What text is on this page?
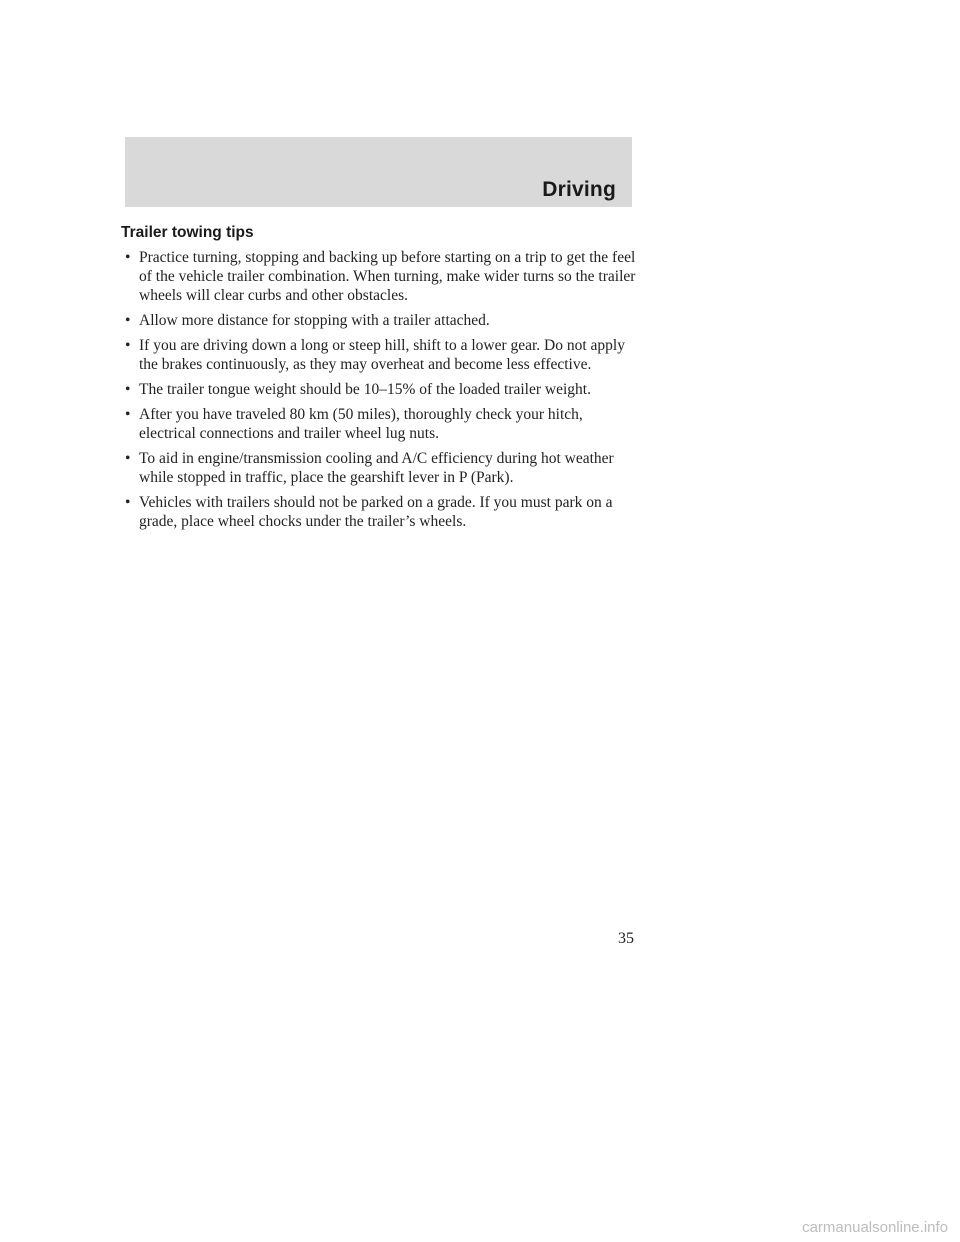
Driving
Trailer towing tips
• Practice turning, stopping and backing up before starting on a trip to get the feel of the vehicle trailer combination. When turning, make wider turns so the trailer wheels will clear curbs and other obstacles.
• Allow more distance for stopping with a trailer attached.
• If you are driving down a long or steep hill, shift to a lower gear. Do not apply the brakes continuously, as they may overheat and become less effective.
• The trailer tongue weight should be 10–15% of the loaded trailer weight.
• After you have traveled 80 km (50 miles), thoroughly check your hitch, electrical connections and trailer wheel lug nuts.
• To aid in engine/transmission cooling and A/C efficiency during hot weather while stopped in traffic, place the gearshift lever in P (Park).
• Vehicles with trailers should not be parked on a grade. If you must park on a grade, place wheel chocks under the trailer’s wheels.
35
carmanualsonline.info
